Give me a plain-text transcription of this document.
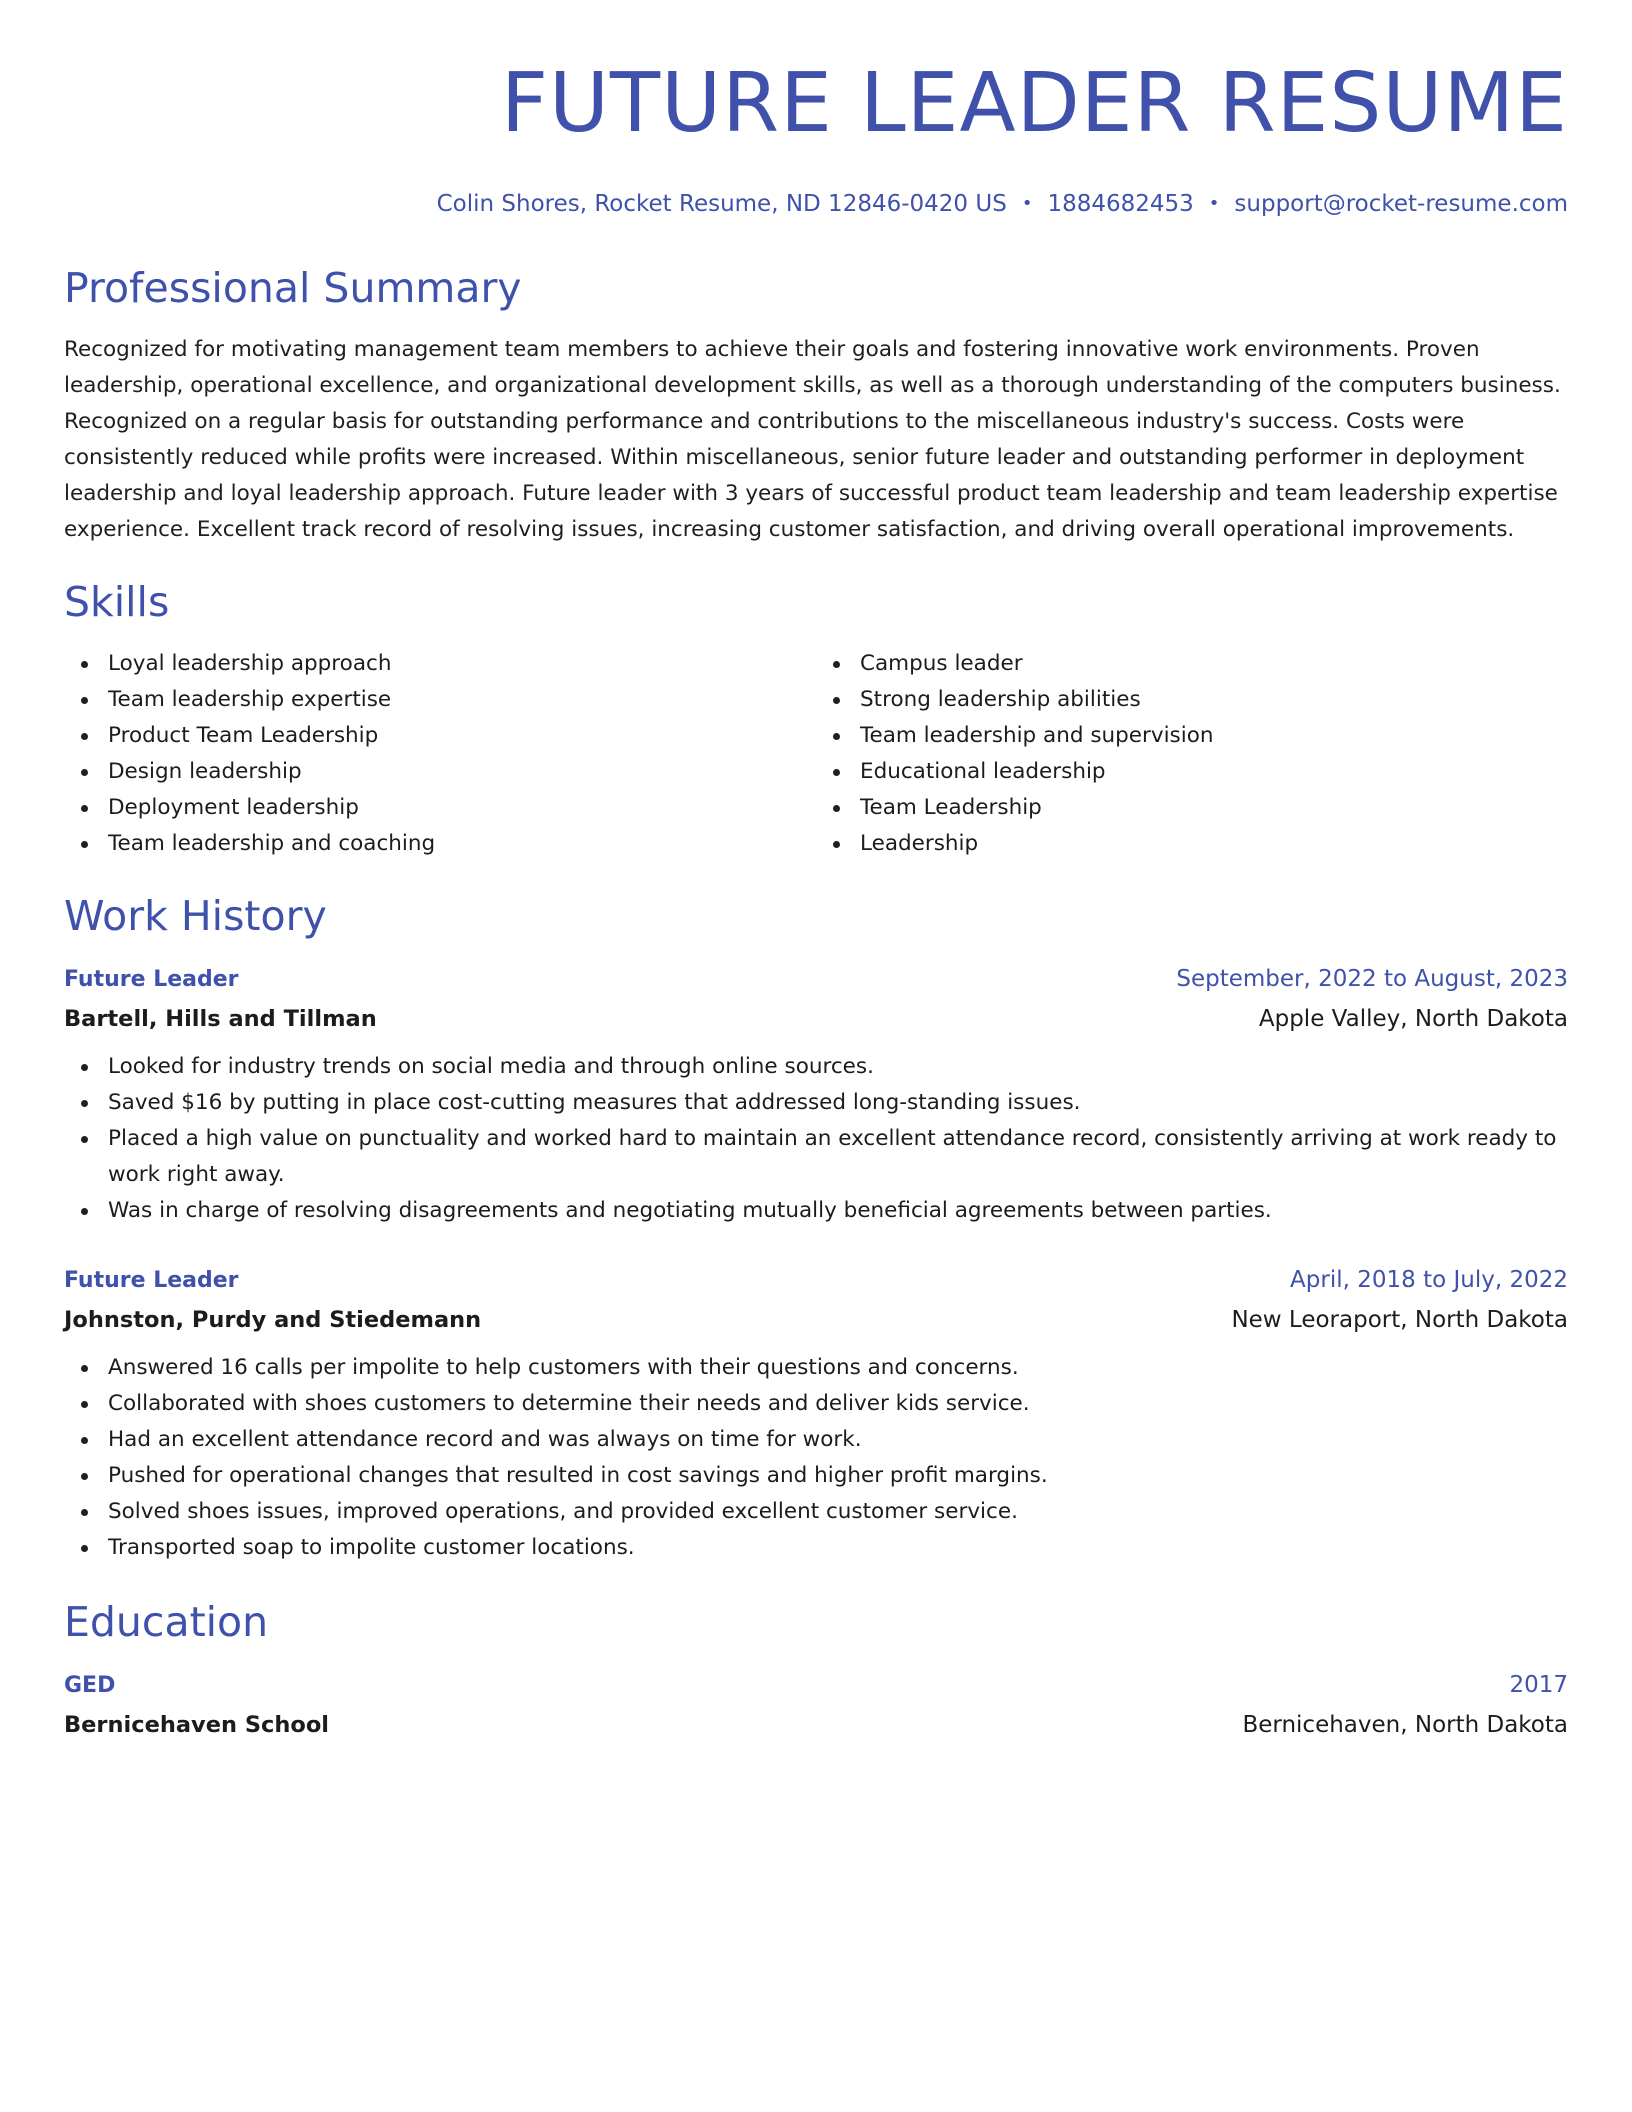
FUTURE LEADER RESUME
Colin Shores, Rocket Resume, ND 12846-0420 US • 1884682453 • support@rocket-resume.com
Professional Summary

Recognized for motivating management team members to achieve their goals and fostering innovative work environments. Proven leadership, operational excellence, and organizational development skills, as well as a thorough understanding of the computers business. Recognized on a regular basis for outstanding performance and contributions to the miscellaneous industry's success. Costs were consistently reduced while profits were increased. Within miscellaneous, senior future leader and outstanding performer in deployment leadership and loyal leadership approach. Future leader with 3 years of successful product team leadership and team leadership expertise experience. Excellent track record of resolving issues, increasing customer satisfaction, and driving overall operational improvements.

Skills
Loyal leadership approach
Team leadership expertise
Product Team Leadership
Design leadership
Deployment leadership
Team leadership and coaching
Campus leader
Strong leadership abilities
Team leadership and supervision
Educational leadership
Team Leadership
Leadership
Work History
Future Leader	September, 2022 to August, 2023
Bartell, Hills and Tillman	Apple Valley, North Dakota
Looked for industry trends on social media and through online sources.
Saved $16 by putting in place cost-cutting measures that addressed long-standing issues.
Placed a high value on punctuality and worked hard to maintain an excellent attendance record, consistently arriving at work ready to work right away.
Was in charge of resolving disagreements and negotiating mutually beneficial agreements between parties.
Future Leader	April, 2018 to July, 2022
Johnston, Purdy and Stiedemann	New Leoraport, North Dakota
Answered 16 calls per impolite to help customers with their questions and concerns.
Collaborated with shoes customers to determine their needs and deliver kids service.
Had an excellent attendance record and was always on time for work.
Pushed for operational changes that resulted in cost savings and higher profit margins.
Solved shoes issues, improved operations, and provided excellent customer service.
Transported soap to impolite customer locations.
Education
GED	2017
Bernicehaven School	Bernicehaven, North Dakota
